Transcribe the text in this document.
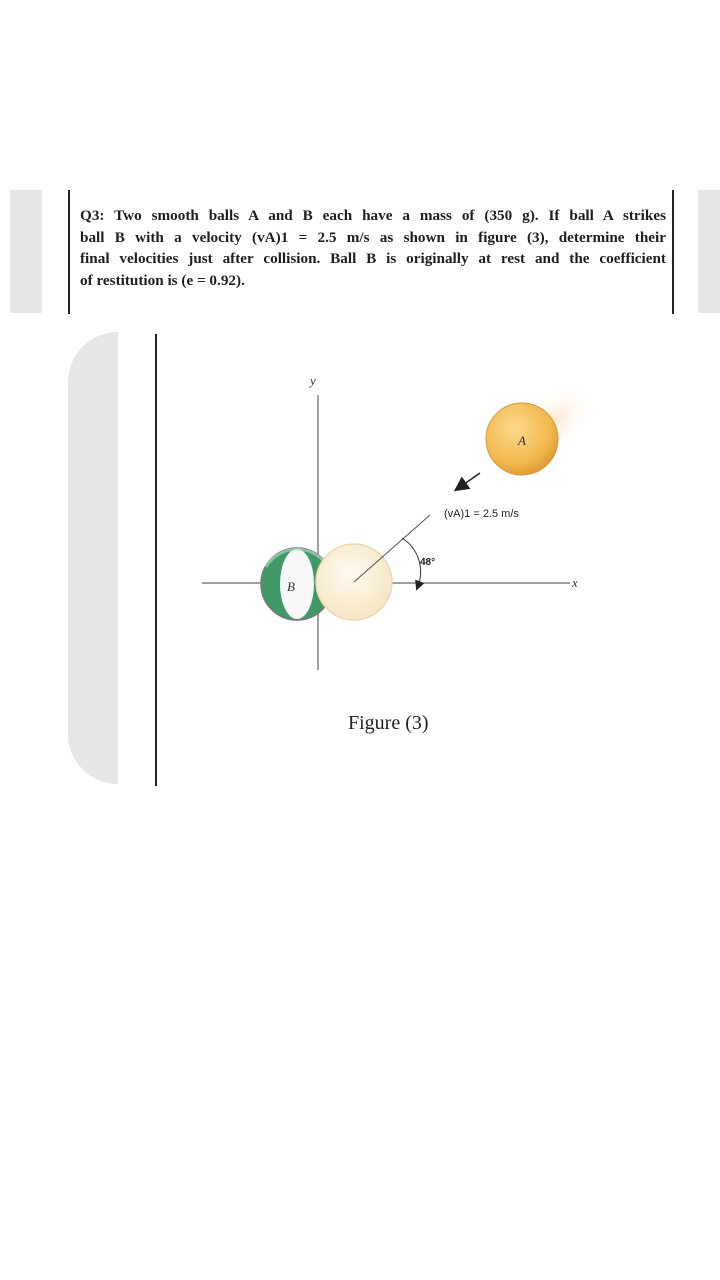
Q3: Two smooth balls A and B each have a mass of (350 g). If ball A strikes
ball B with a velocity (vA)1 = 2.5 m/s as shown in figure (3), determine their
final velocities just after collision. Ball B is originally at rest and the coefficient
of restitution is (e = 0.92).
y
x
B
48°
(vA)1 = 2.5 m/s
A
Figure (3)
